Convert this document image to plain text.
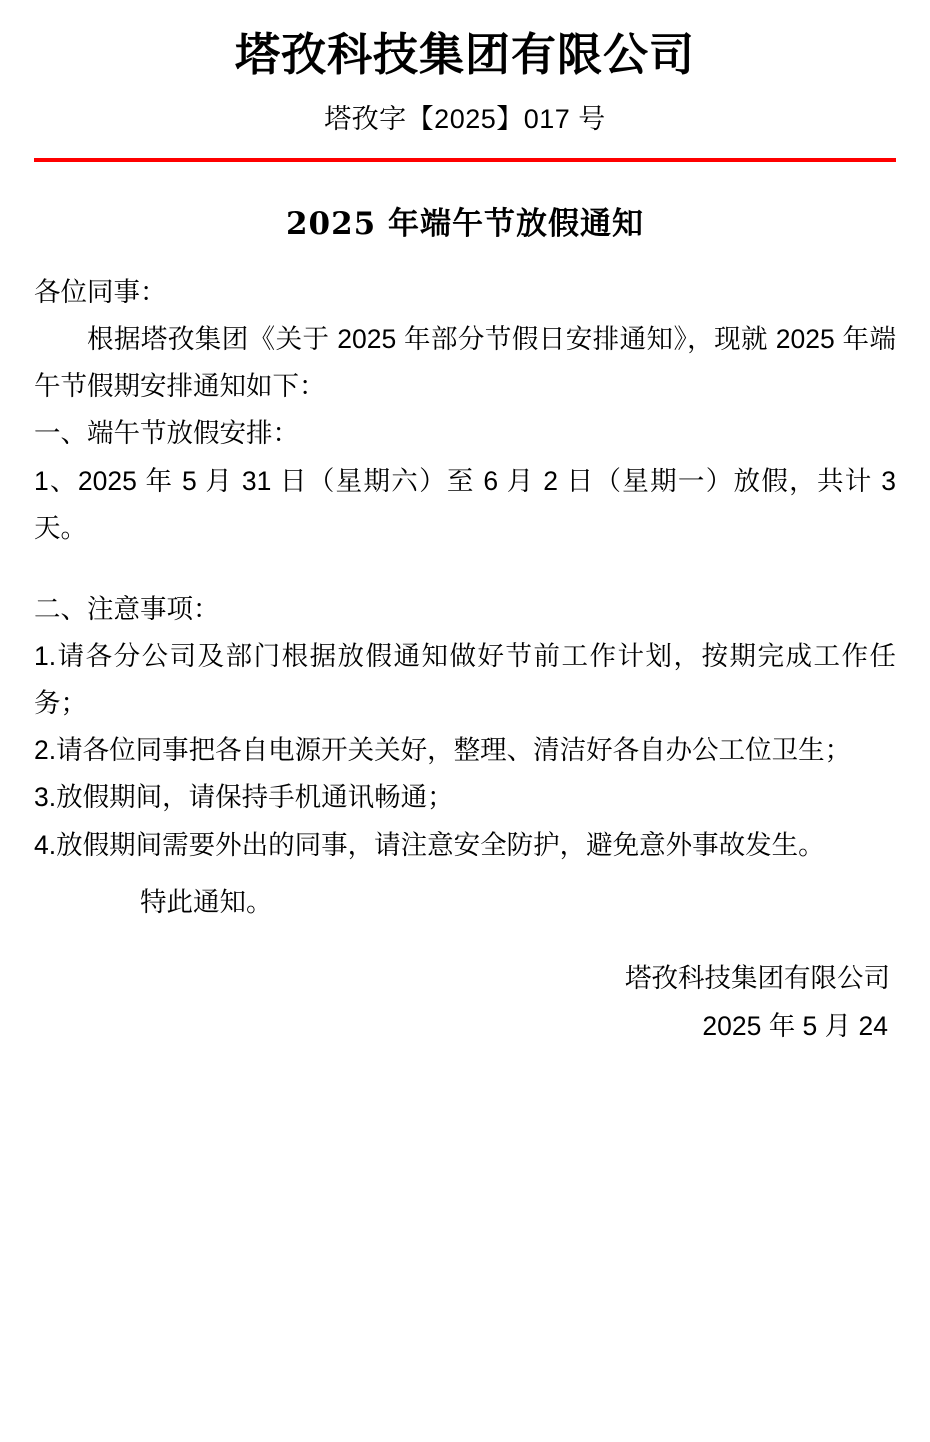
塔孜科技集团有限公司
塔孜字【2025】017 号
2025 年端午节放假通知

各位同事：

根据塔孜集团《关于 2025 年部分节假日安排通知》，现就 2025 年端午节假期安排通知如下：

一、端午节放假安排：

1、2025 年 5 月 31 日（星期六）至 6 月 2 日（星期一）放假，共计 3 天。

二、注意事项：

1.请各分公司及部门根据放假通知做好节前工作计划，按期完成工作任务；

2.请各位同事把各自电源开关关好，整理、清洁好各自办公工位卫生；

3.放假期间，请保持手机通讯畅通；

4.放假期间需要外出的同事，请注意安全防护，避免意外事故发生。

特此通知。

塔孜科技集团有限公司
2025 年 5 月 24
